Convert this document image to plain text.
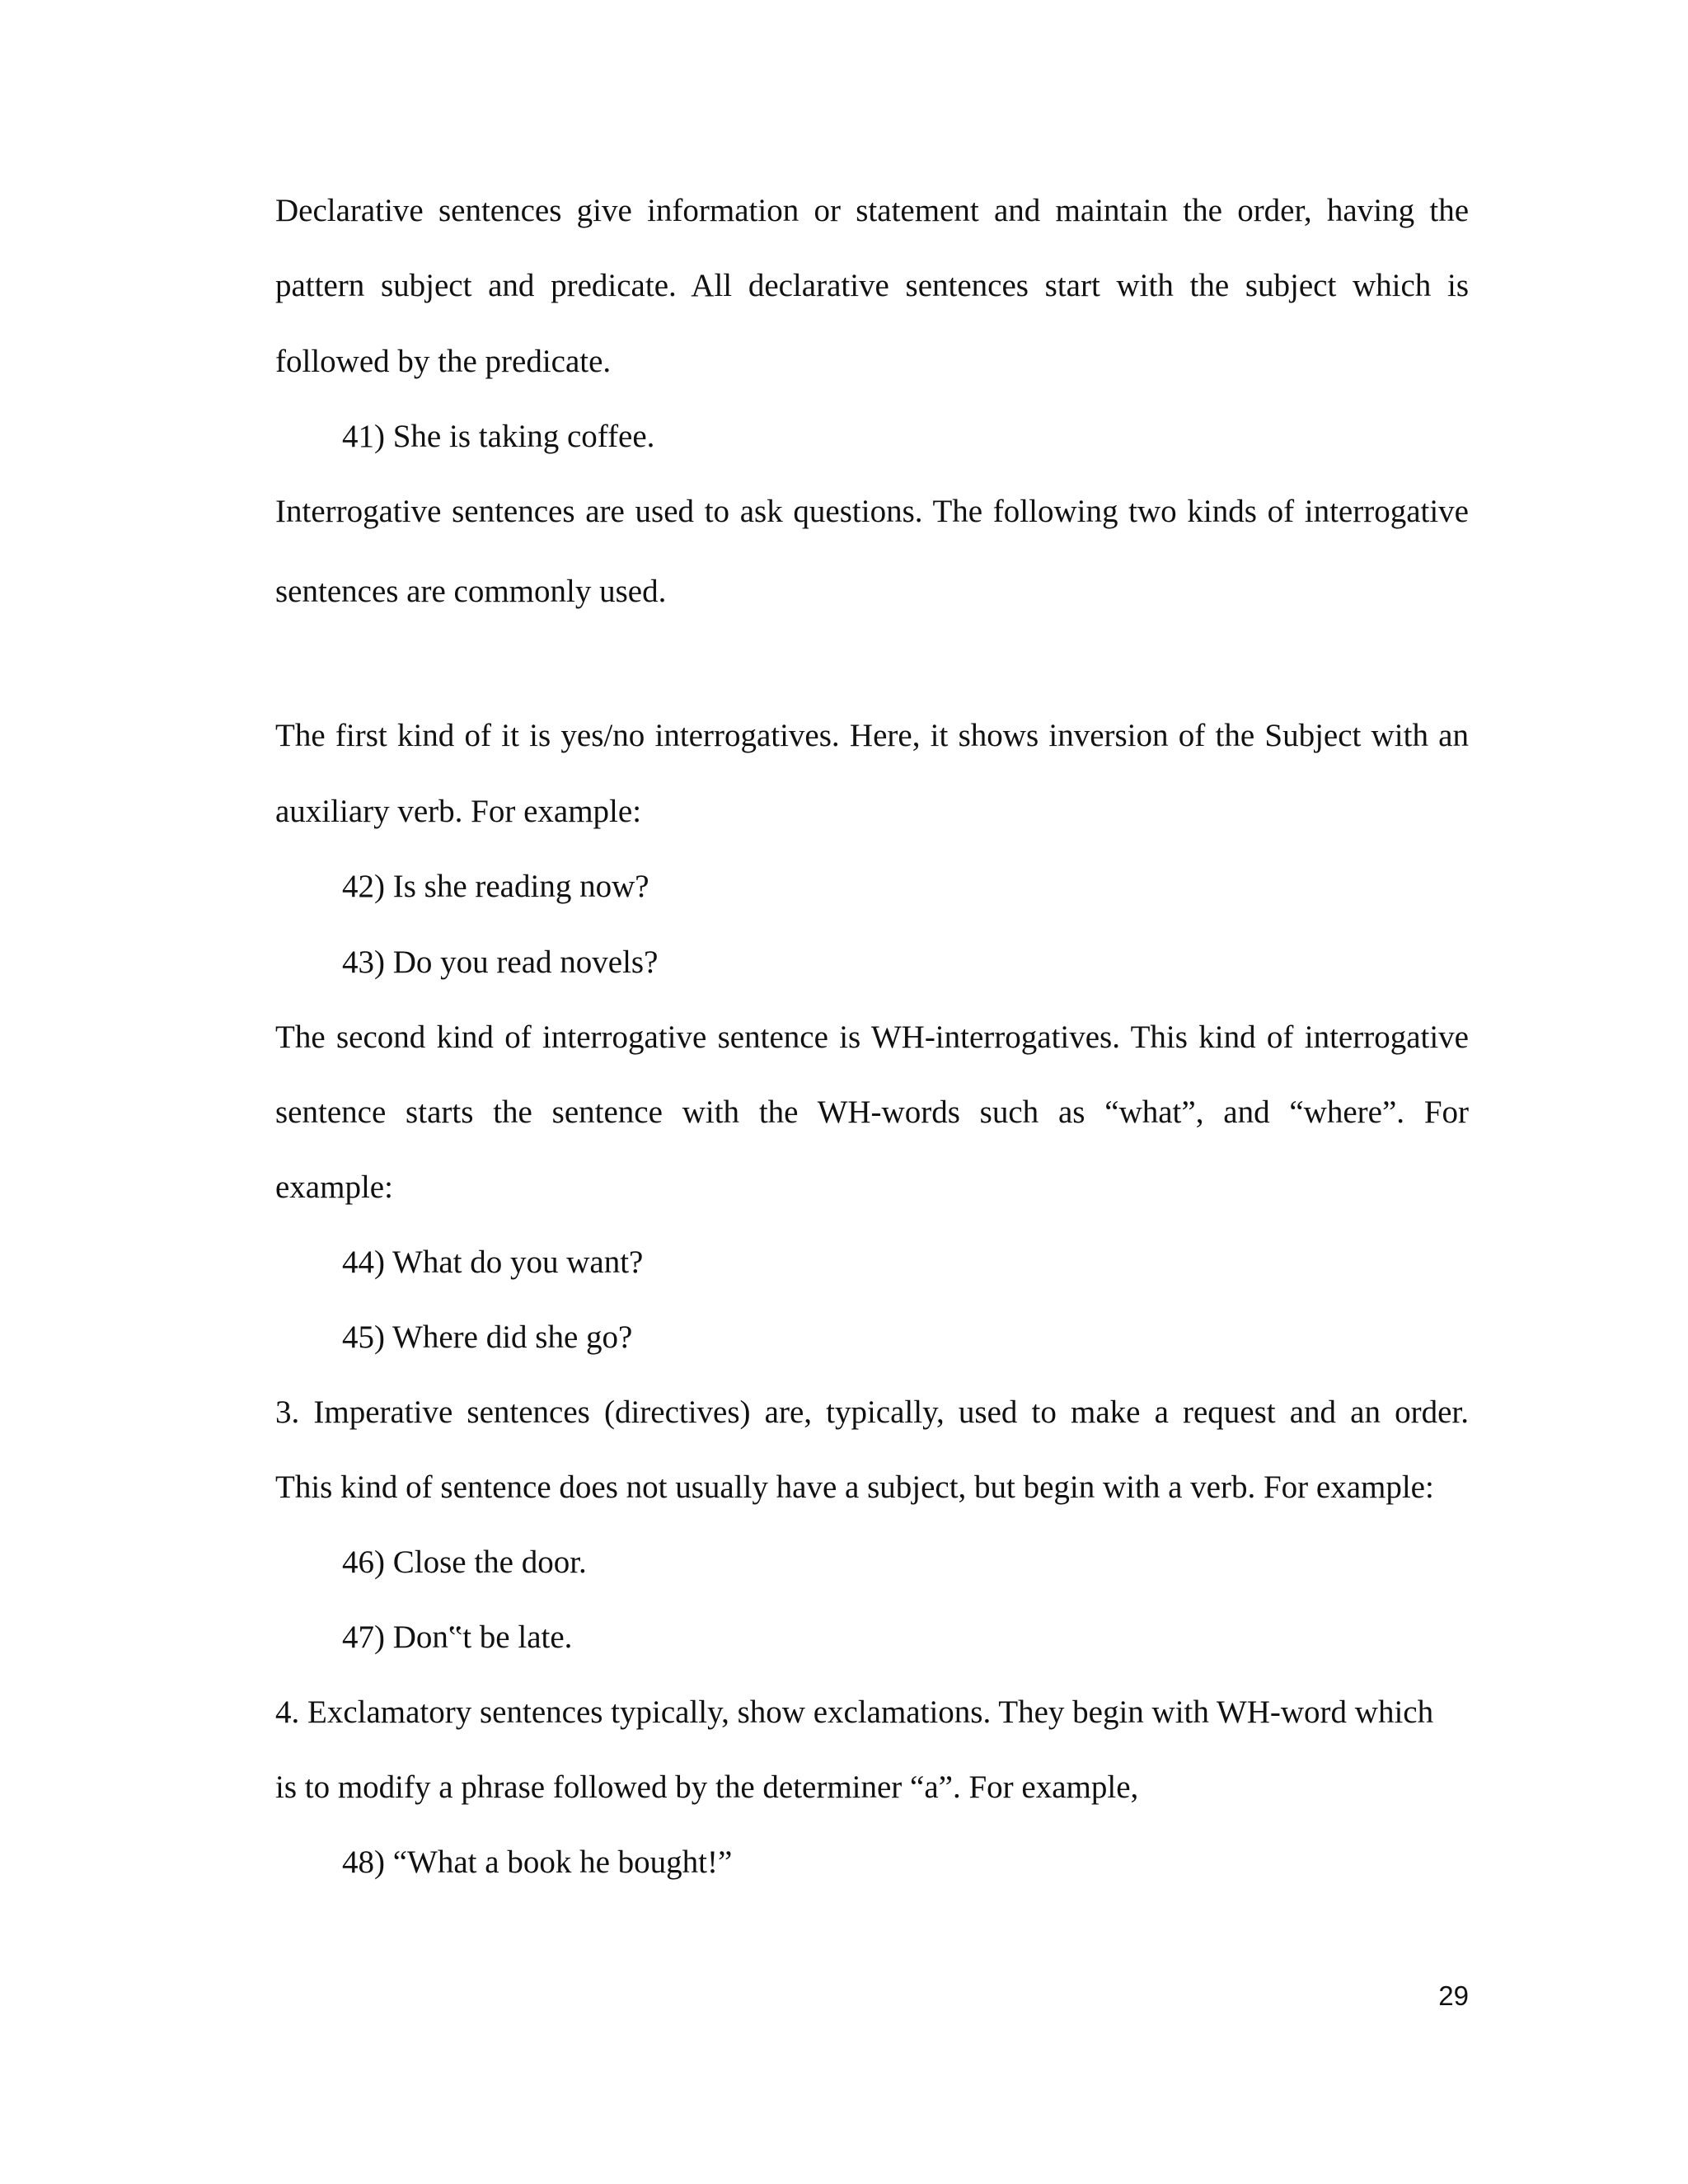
Declarative sentences give information or statement and maintain the order, having the
pattern subject and predicate. All declarative sentences start with the subject which is
followed by the predicate.
41) She is taking coffee.
Interrogative sentences are used to ask questions. The following two kinds of interrogative
sentences are commonly used.
The first kind of it is yes/no interrogatives. Here, it shows inversion of the Subject with an
auxiliary verb. For example:
42) Is she reading now?
43) Do you read novels?
The second kind of interrogative sentence is WH-interrogatives. This kind of interrogative
sentence starts the sentence with the WH-words such as “what”, and “where”. For
example:
44) What do you want?
45) Where did she go?
3. Imperative sentences (directives) are, typically, used to make a request and an order.
This kind of sentence does not usually have a subject, but begin with a verb. For example:
46) Close the door.
47) Don‟t be late.
4. Exclamatory sentences typically, show exclamations. They begin with WH-word which
is to modify a phrase followed by the determiner “a”. For example,
48) “What a book he bought!”
29
